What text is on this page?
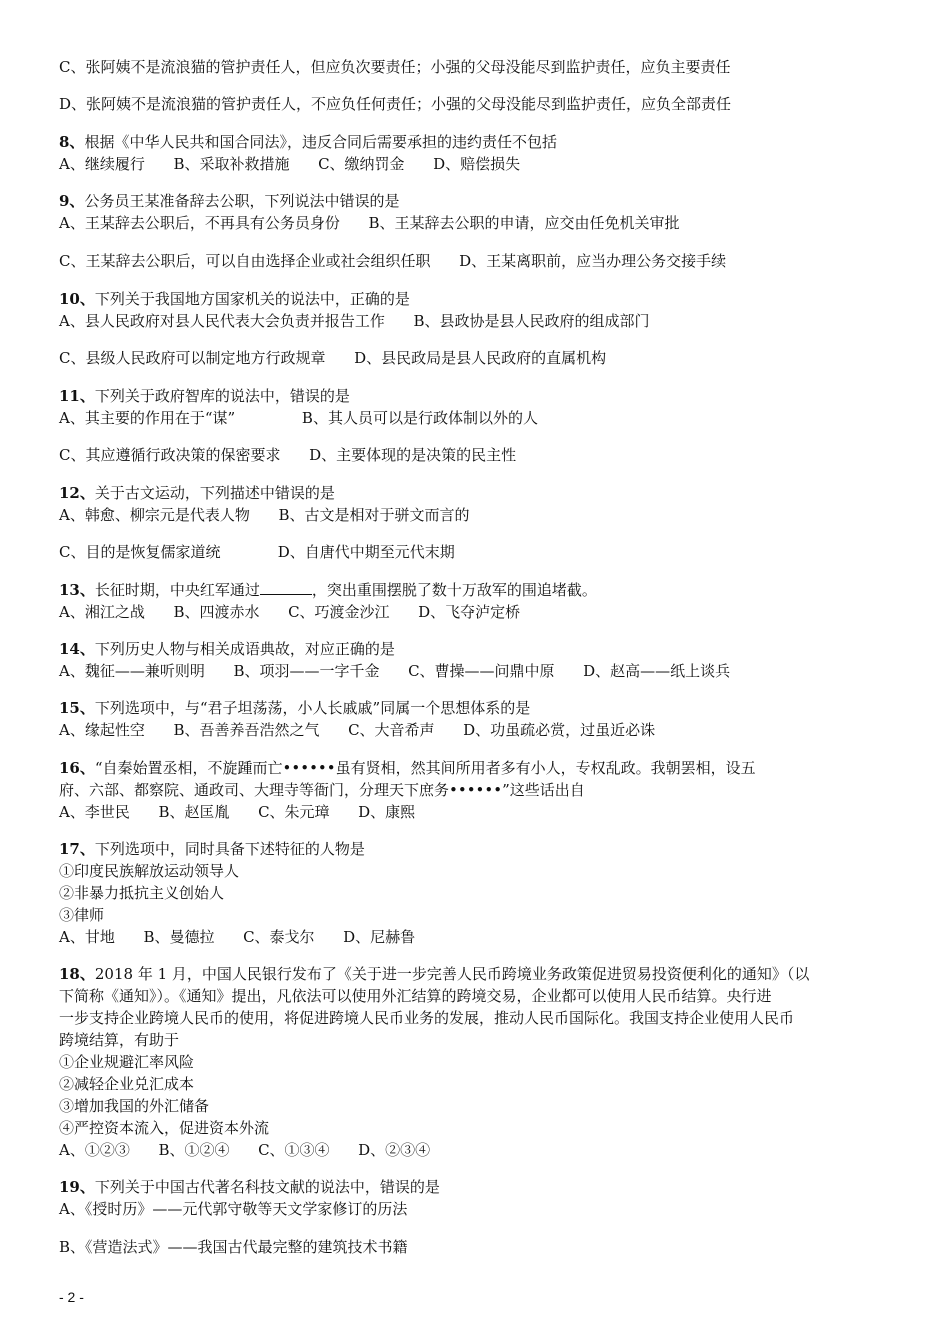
C、张阿姨不是流浪猫的管护责任人，但应负次要责任；小强的父母没能尽到监护责任，应负主要责任
D、张阿姨不是流浪猫的管护责任人，不应负任何责任；小强的父母没能尽到监护责任，应负全部责任
8、根据《中华人民共和国合同法》，违反合同后需要承担的违约责任不包括
A、继续履行      B、采取补救措施      C、缴纳罚金      D、赔偿损失
9、公务员王某准备辞去公职，下列说法中错误的是
A、王某辞去公职后，不再具有公务员身份      B、王某辞去公职的申请，应交由任免机关审批
C、王某辞去公职后，可以自由选择企业或社会组织任职      D、王某离职前，应当办理公务交接手续
10、下列关于我国地方国家机关的说法中，正确的是
A、县人民政府对县人民代表大会负责并报告工作      B、县政协是县人民政府的组成部门
C、县级人民政府可以制定地方行政规章      D、县民政局是县人民政府的直属机构
11、下列关于政府智库的说法中，错误的是
A、其主要的作用在于“谋”              B、其人员可以是行政体制以外的人
C、其应遵循行政决策的保密要求      D、主要体现的是决策的民主性
12、关于古文运动，下列描述中错误的是
A、韩愈、柳宗元是代表人物      B、古文是相对于骈文而言的
C、目的是恢复儒家道统            D、自唐代中期至元代末期
13、长征时期，中央红军通过	，突出重围摆脱了数十万敌军的围追堵截。
A、湘江之战      B、四渡赤水      C、巧渡金沙江      D、飞夺泸定桥
14、下列历史人物与相关成语典故，对应正确的是
A、魏征——兼听则明      B、项羽——一字千金      C、曹操——问鼎中原      D、赵高——纸上谈兵
15、下列选项中，与“君子坦荡荡，小人长戚戚”同属一个思想体系的是
A、缘起性空      B、吾善养吾浩然之气      C、大音希声      D、功虽疏必赏，过虽近必诛
16、“自秦始置丞相，不旋踵而亡••••••虽有贤相，然其间所用者多有小人，专权乱政。我朝罢相，设五
府、六部、都察院、通政司、大理寺等衙门，分理天下庶务••••••”这些话出自
A、李世民      B、赵匡胤      C、朱元璋      D、康熙
17、下列选项中，同时具备下述特征的人物是
①印度民族解放运动领导人
②非暴力抵抗主义创始人
③律师
A、甘地      B、曼德拉      C、泰戈尔      D、尼赫鲁
18、2018 年 1 月，中国人民银行发布了《关于进一步完善人民币跨境业务政策促进贸易投资便利化的通知》（以
下简称《通知》）。《通知》提出，凡依法可以使用外汇结算的跨境交易，企业都可以使用人民币结算。央行进
一步支持企业跨境人民币的使用，将促进跨境人民币业务的发展，推动人民币国际化。我国支持企业使用人民币
跨境结算，有助于
①企业规避汇率风险
②减轻企业兑汇成本
③增加我国的外汇储备
④严控资本流入，促进资本外流
A、①②③      B、①②④      C、①③④      D、②③④
19、下列关于中国古代著名科技文献的说法中，错误的是
A、《授时历》——元代郭守敬等天文学家修订的历法
B、《营造法式》——我国古代最完整的建筑技术书籍
- 2 -
